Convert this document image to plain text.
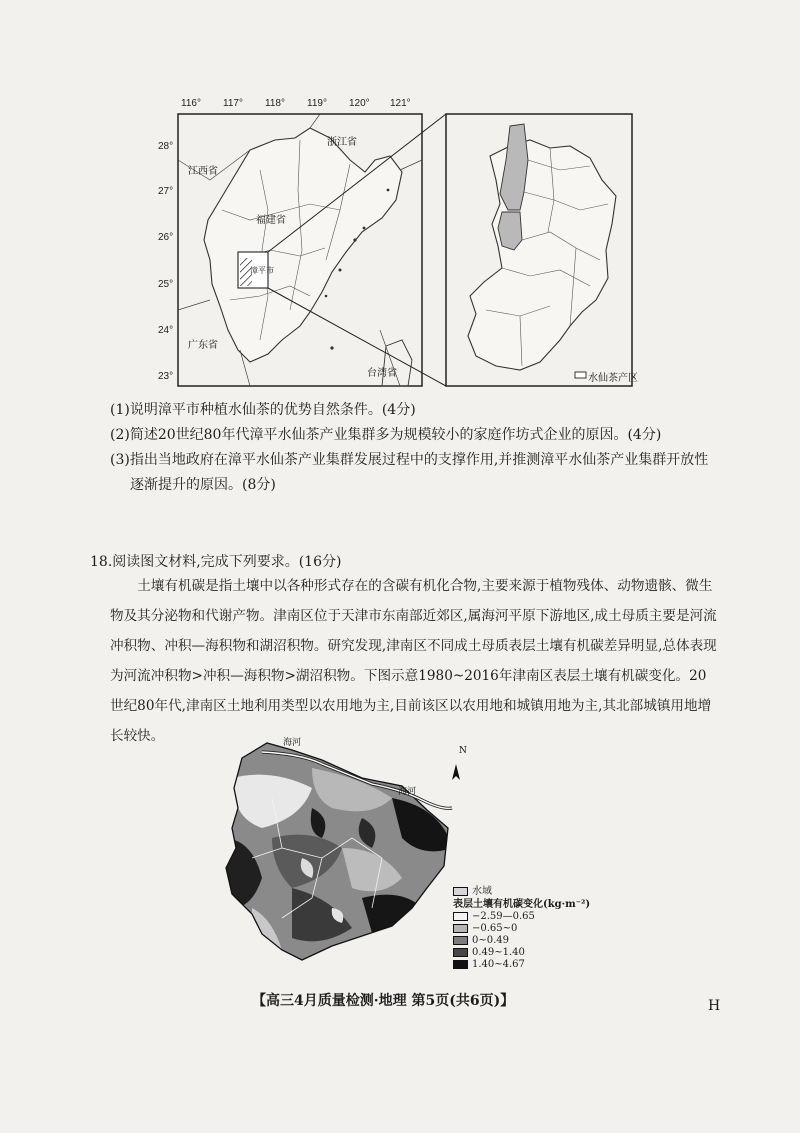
116° 117° 118° 119° 120° 121°
28°
27°
26°
25°
24°
23°
江西省
浙江省
福建省
漳平市
广东省
台湾省	水仙茶产区
(1)说明漳平市种植水仙茶的优势自然条件。(4分)
(2)简述20世纪80年代漳平水仙茶产业集群多为规模较小的家庭作坊式企业的原因。(4分)
(3)指出当地政府在漳平水仙茶产业集群发展过程中的支撑作用,并推测漳平水仙茶产业集群开放性
逐渐提升的原因。(8分)
18.阅读图文材料,完成下列要求。(16分)
土壤有机碳是指土壤中以各种形式存在的含碳有机化合物,主要来源于植物残体、动物遗骸、微生物及其分泌物和代谢产物。津南区位于天津市东南部近郊区,属海河平原下游地区,成土母质主要是河流冲积物、冲积—海积物和湖沼积物。研究发现,津南区不同成土母质表层土壤有机碳差异明显,总体表现为河流冲积物>冲积—海积物>湖沼积物。下图示意1980~2016年津南区表层土壤有机碳变化。20世纪80年代,津南区土地利用类型以农用地为主,目前该区以农用地和城镇用地为主,其北部城镇用地增长较快。	海河
海河
N
水域
表层土壤有机碳变化(kg·m⁻²)
−2.59—0.65
−0.65~0
0~0.49
0.49~1.40
1.40~4.67
【高三4月质量检测·地理 第5页(共6页)】	H
